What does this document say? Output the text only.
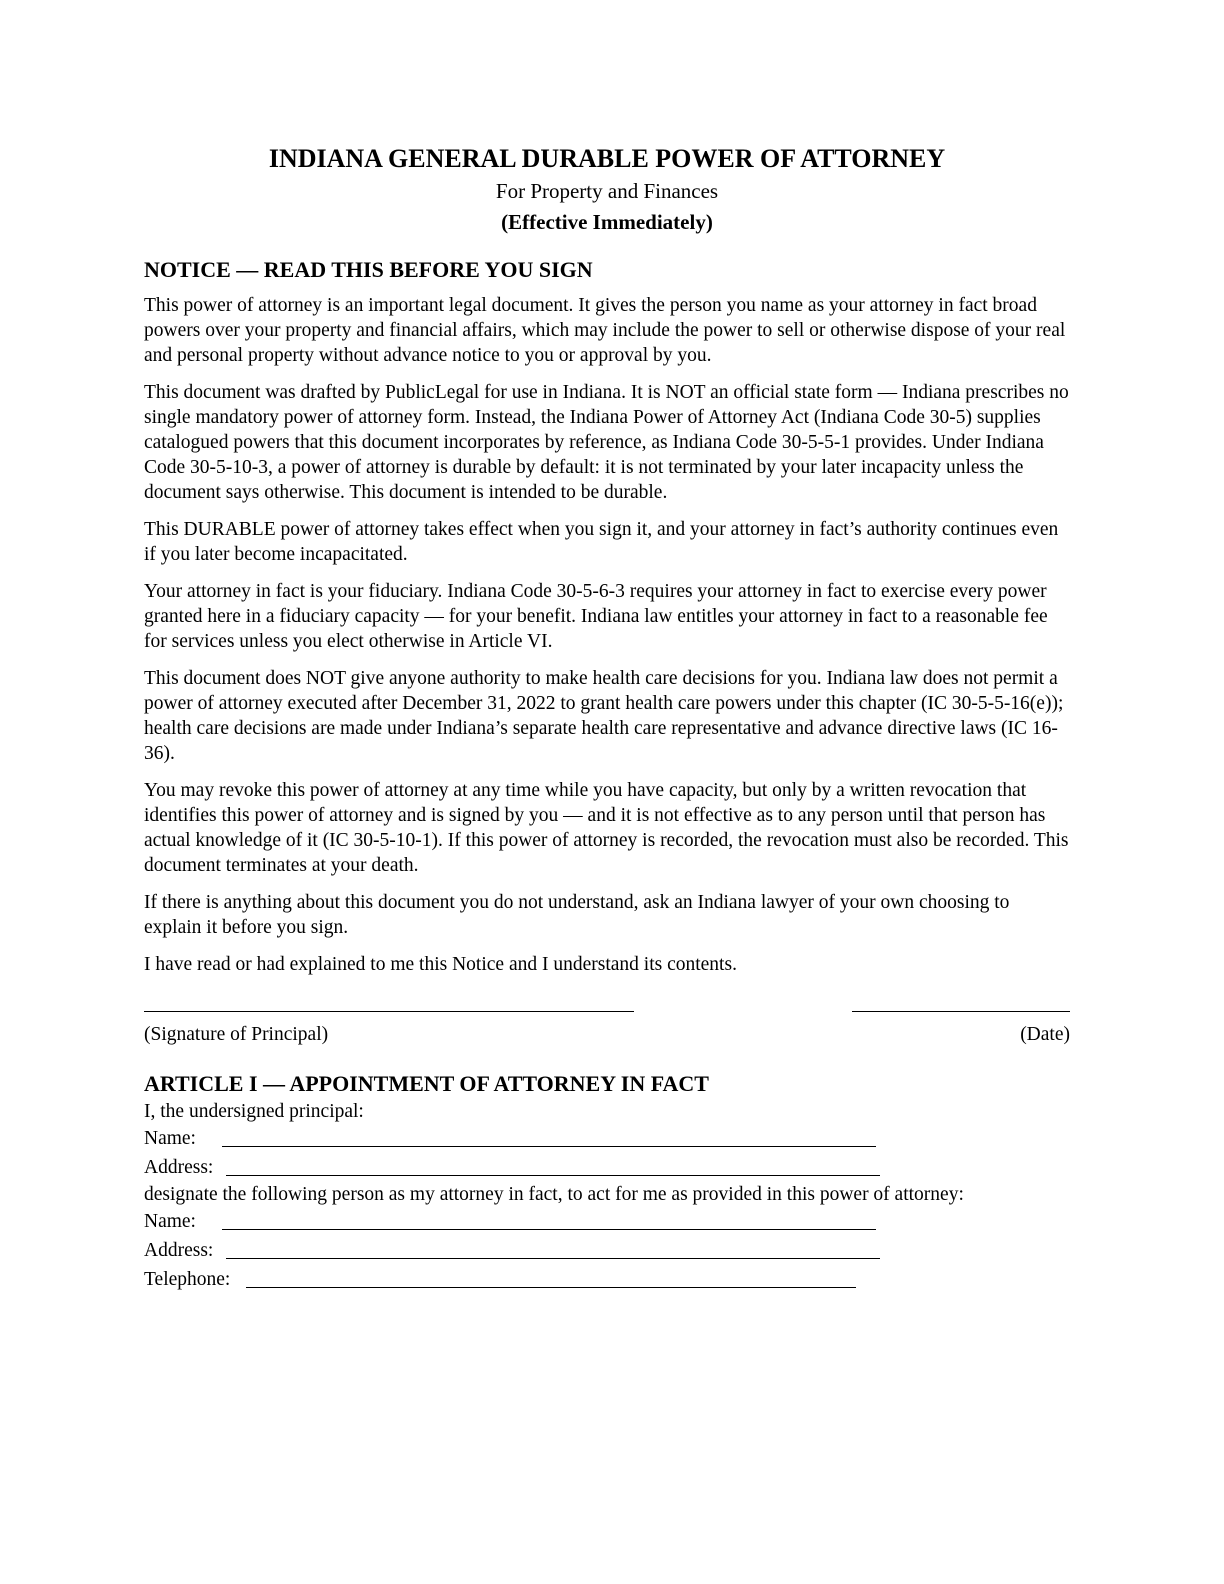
INDIANA GENERAL DURABLE POWER OF ATTORNEY
For Property and Finances
(Effective Immediately)
NOTICE — READ THIS BEFORE YOU SIGN

This power of attorney is an important legal document. It gives the person you name as your attorney in fact broad powers over your property and financial affairs, which may include the power to sell or otherwise dispose of your real and personal property without advance notice to you or approval by you.

This document was drafted by PublicLegal for use in Indiana. It is NOT an official state form — Indiana prescribes no single mandatory power of attorney form. Instead, the Indiana Power of Attorney Act (Indiana Code 30-5) supplies catalogued powers that this document incorporates by reference, as Indiana Code 30-5-5-1 provides. Under Indiana Code 30-5-10-3, a power of attorney is durable by default: it is not terminated by your later incapacity unless the document says otherwise. This document is intended to be durable.

This DURABLE power of attorney takes effect when you sign it, and your attorney in fact’s authority continues even if you later become incapacitated.

Your attorney in fact is your fiduciary. Indiana Code 30-5-6-3 requires your attorney in fact to exercise every power granted here in a fiduciary capacity — for your benefit. Indiana law entitles your attorney in fact to a reasonable fee for services unless you elect otherwise in Article VI.

This document does NOT give anyone authority to make health care decisions for you. Indiana law does not permit a power of attorney executed after December 31, 2022 to grant health care powers under this chapter (IC 30-5-5-16(e)); health care decisions are made under Indiana’s separate health care representative and advance directive laws (IC 16-36).

You may revoke this power of attorney at any time while you have capacity, but only by a written revocation that identifies this power of attorney and is signed by you — and it is not effective as to any person until that person has actual knowledge of it (IC 30-5-10-1). If this power of attorney is recorded, the revocation must also be recorded. This document terminates at your death.

If there is anything about this document you do not understand, ask an Indiana lawyer of your own choosing to explain it before you sign.

I have read or had explained to me this Notice and I understand its contents.

(Signature of Principal)	(Date)
ARTICLE I — APPOINTMENT OF ATTORNEY IN FACT

I, the undersigned principal:

Name:
Address:

designate the following person as my attorney in fact, to act for me as provided in this power of attorney:

Name:
Address:
Telephone:
